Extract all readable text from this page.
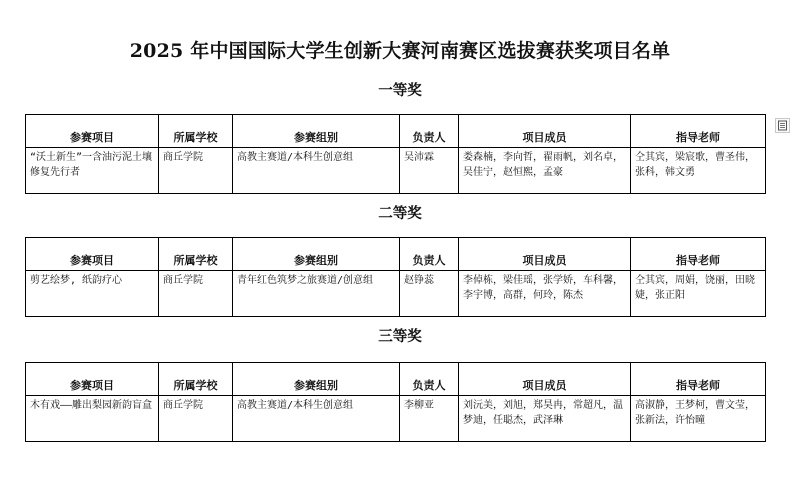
2025 年中国国际大学生创新大赛河南赛区选拔赛获奖项目名单
一等奖
参赛项目	所属学校	参赛组别	负责人	项目成员	指导老师
“沃土新生”一含油污泥土壤修复先行者	商丘学院	高教主赛道/本科生创意组	吴沛霖	娄森楠，李向哲，翟雨帆，刘名卓，吴佳宁，赵恒熙，孟豪	仝其宾，梁宸歌，曹圣伟，张科，韩文勇
二等奖
参赛项目	所属学校	参赛组别	负责人	项目成员	指导老师
剪艺绘梦, 纸韵疗心	商丘学院	青年红色筑梦之旅赛道/创意组	赵铮蕊	李倬栋，梁佳瑶，张学娇，车科馨，李宇博，高群，何玲，陈杰	仝其宾，周娟，饶丽，田晓婕，张正阳
三等奖
参赛项目	所属学校	参赛组别	负责人	项目成员	指导老师
木有戏——雕出梨园新韵盲盒	商丘学院	高教主赛道/本科生创意组	李柳亚	刘沅美，刘旭，郑昊冉，常超凡，温梦迪，任聪杰，武泽琳	高淑静，王梦柯，曹文莹，张新法，许怡曈
